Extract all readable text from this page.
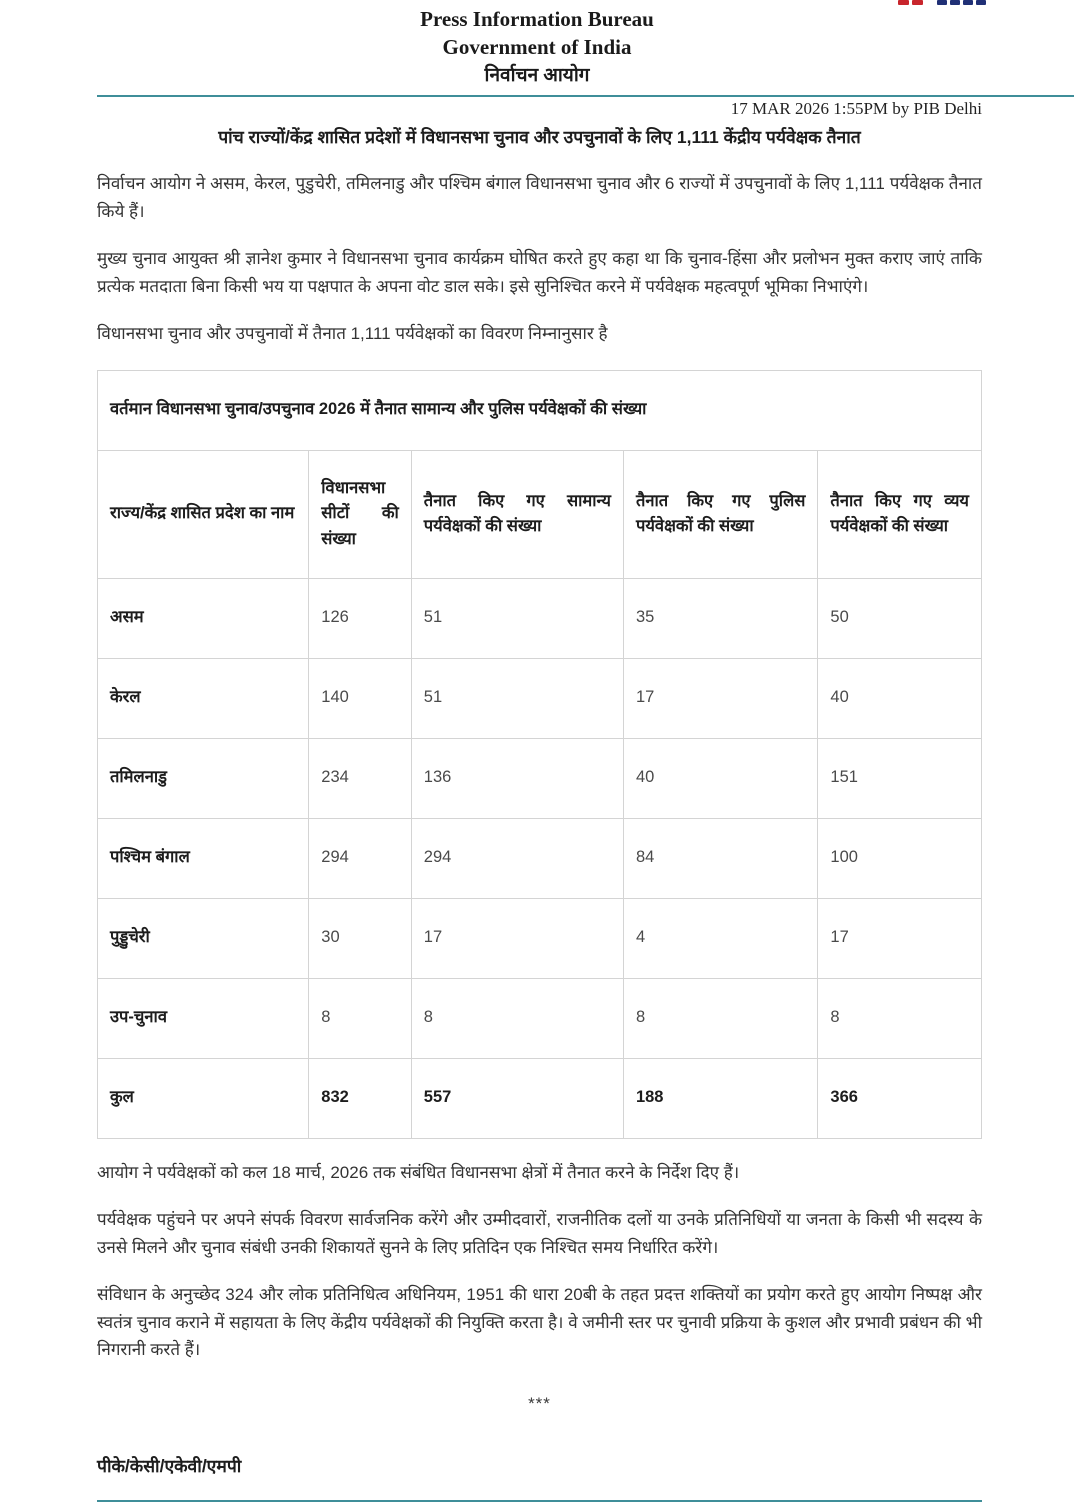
Press Information Bureau
Government of India
निर्वाचन आयोग
17 MAR 2026 1:55PM by PIB Delhi
पांच राज्यों/केंद्र शासित प्रदेशों में विधानसभा चुनाव और उपचुनावों के लिए 1,111 केंद्रीय पर्यवेक्षक तैनात

निर्वाचन आयोग ने असम, केरल, पुडुचेरी, तमिलनाडु और पश्चिम बंगाल विधानसभा चुनाव और 6 राज्यों में उपचुनावों के लिए 1,111 पर्यवेक्षक तैनात किये हैं।

मुख्य चुनाव आयुक्त श्री ज्ञानेश कुमार ने विधानसभा चुनाव कार्यक्रम घोषित करते हुए कहा था कि चुनाव-हिंसा और प्रलोभन मुक्त कराए जाएं ताकि प्रत्येक मतदाता बिना किसी भय या पक्षपात के अपना वोट डाल सके। इसे सुनिश्चित करने में पर्यवेक्षक महत्वपूर्ण भूमिका निभाएंगे।

विधानसभा चुनाव और उपचुनावों में तैनात 1,111 पर्यवेक्षकों का विवरण निम्नानुसार है

वर्तमान विधानसभा चुनाव/उपचुनाव 2026 में तैनात सामान्य और पुलिस पर्यवेक्षकों की संख्या				
राज्य/केंद्र शासित प्रदेश का नाम	विधानसभा सीटों की संख्या	तैनात किए गए सामान्य पर्यवेक्षकों की संख्या	तैनात किए गए पुलिस पर्यवेक्षकों की संख्या	तैनात किए गए व्यय पर्यवेक्षकों की संख्या
असम	126	51	35	50
केरल	140	51	17	40
तमिलनाडु	234	136	40	151
पश्चिम बंगाल	294	294	84	100
पुड्डुचेरी	30	17	4	17
उप-चुनाव	8	8	8	8
कुल	832	557	188	366

आयोग ने पर्यवेक्षकों को कल 18 मार्च, 2026 तक संबंधित विधानसभा क्षेत्रों में तैनात करने के निर्देश दिए हैं।

पर्यवेक्षक पहुंचने पर अपने संपर्क विवरण सार्वजनिक करेंगे और उम्मीदवारों, राजनीतिक दलों या उनके प्रतिनिधियों या जनता के किसी भी सदस्य के उनसे मिलने और चुनाव संबंधी उनकी शिकायतें सुनने के लिए प्रतिदिन एक निश्चित समय निर्धारित करेंगे।

संविधान के अनुच्छेद 324 और लोक प्रतिनिधित्व अधिनियम, 1951 की धारा 20बी के तहत प्रदत्त शक्तियों का प्रयोग करते हुए आयोग निष्पक्ष और स्वतंत्र चुनाव कराने में सहायता के लिए केंद्रीय पर्यवेक्षकों की नियुक्ति करता है। वे जमीनी स्तर पर चुनावी प्रक्रिया के कुशल और प्रभावी प्रबंधन की भी निगरानी करते हैं।

***
पीके/केसी/एकेवी/एमपी
